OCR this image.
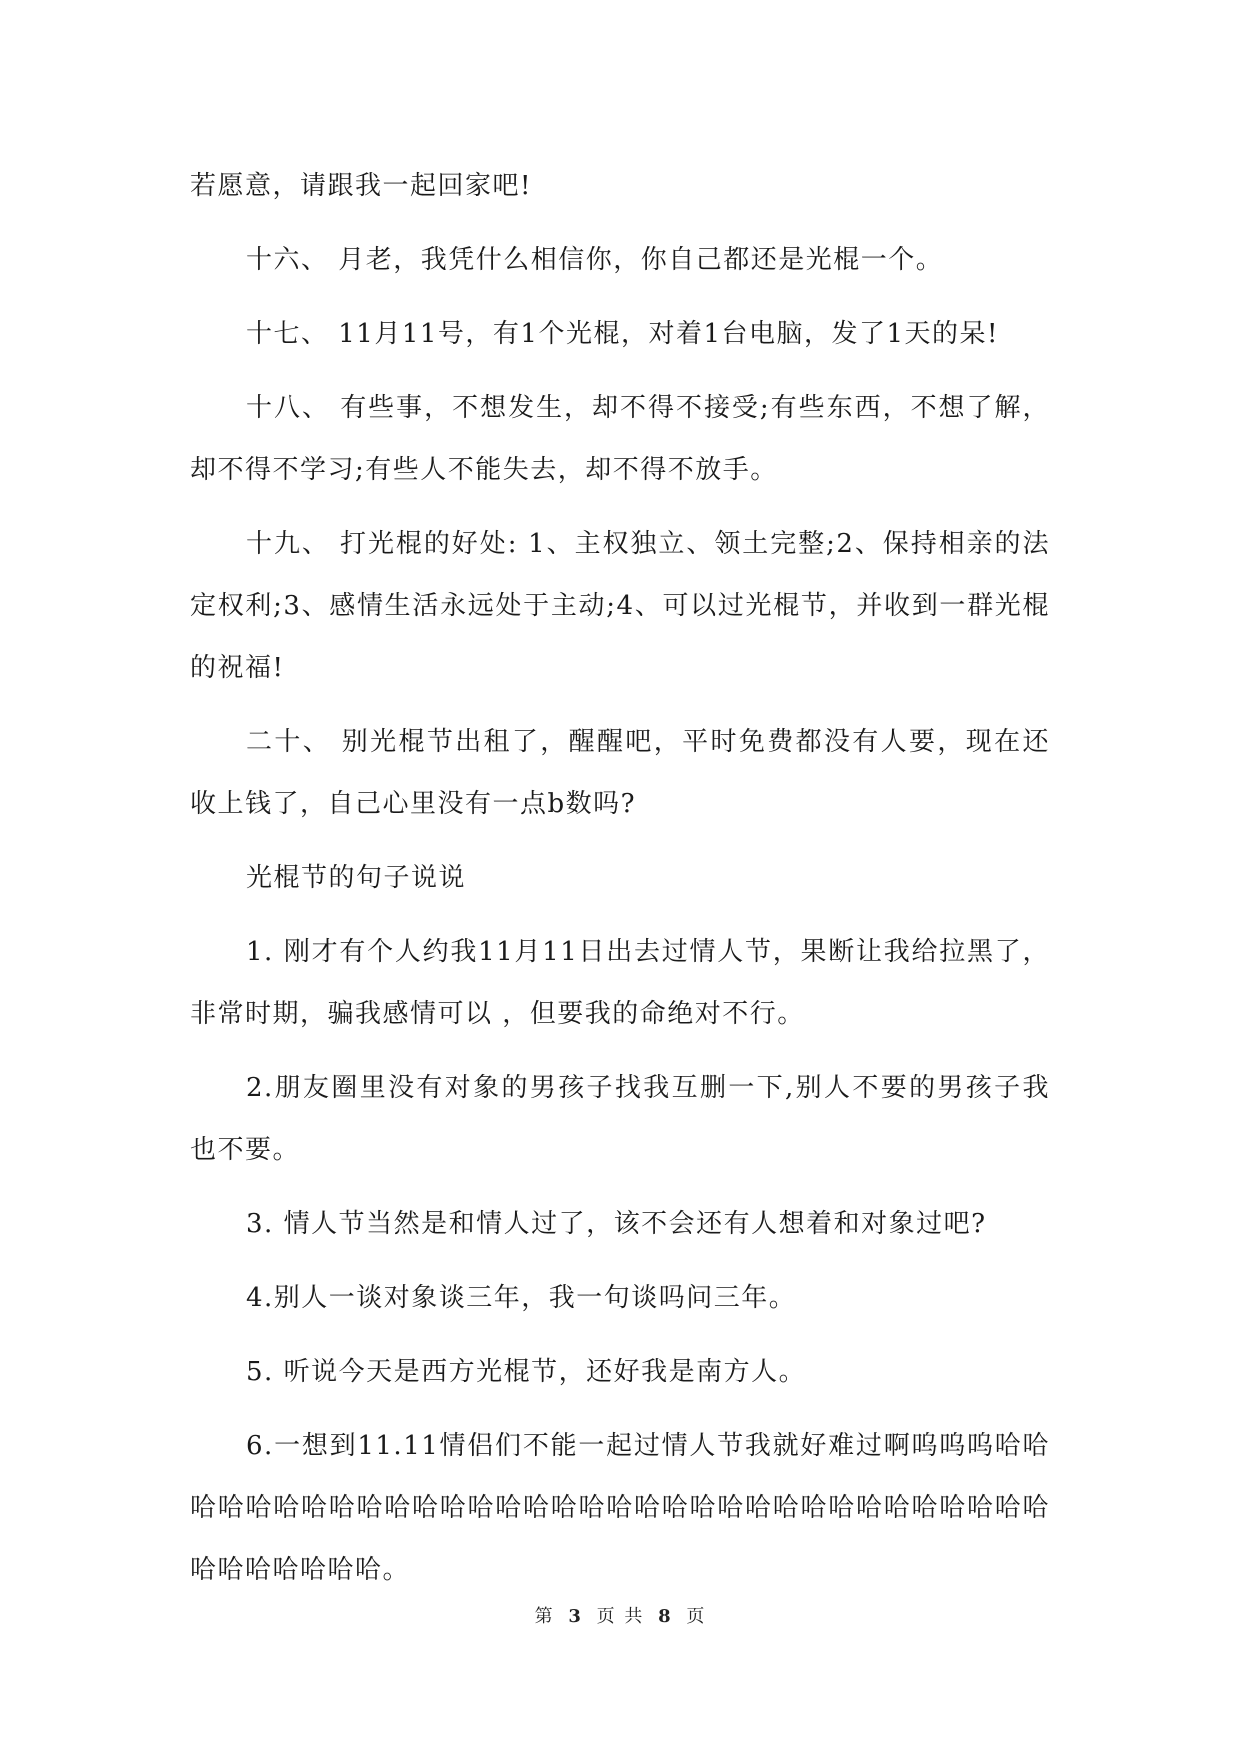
若愿意，请跟我一起回家吧!

十六、 月老，我凭什么相信你，你自己都还是光棍一个。

十七、 11月11号，有1个光棍，对着1台电脑，发了1天的呆!

十八、 有些事，不想发生，却不得不接受;有些东西，不想了解，却不得不学习;有些人不能失去，却不得不放手。

十九、 打光棍的好处: 1、主权独立、领土完整;2、保持相亲的法定权利;3、感情生活永远处于主动;4、可以过光棍节，并收到一群光棍的祝福!

二十、 别光棍节出租了，醒醒吧，平时免费都没有人要，现在还收上钱了，自己心里没有一点b数吗?

光棍节的句子说说

1. 刚才有个人约我11月11日出去过情人节，果断让我给拉黑了，非常时期，骗我感情可以 ，但要我的命绝对不行。

2.朋友圈里没有对象的男孩子找我互删一下,别人不要的男孩子我也不要。

3. 情人节当然是和情人过了，该不会还有人想着和对象过吧?

4.别人一谈对象谈三年，我一句谈吗问三年。

5. 听说今天是西方光棍节，还好我是南方人。

6.一想到11.11情侣们不能一起过情人节我就好难过啊呜呜呜哈哈哈哈哈哈哈哈哈哈哈哈哈哈哈哈哈哈哈哈哈哈哈哈哈哈哈哈哈哈哈哈哈哈哈哈哈哈哈哈。

第 3 页 共 8 页
